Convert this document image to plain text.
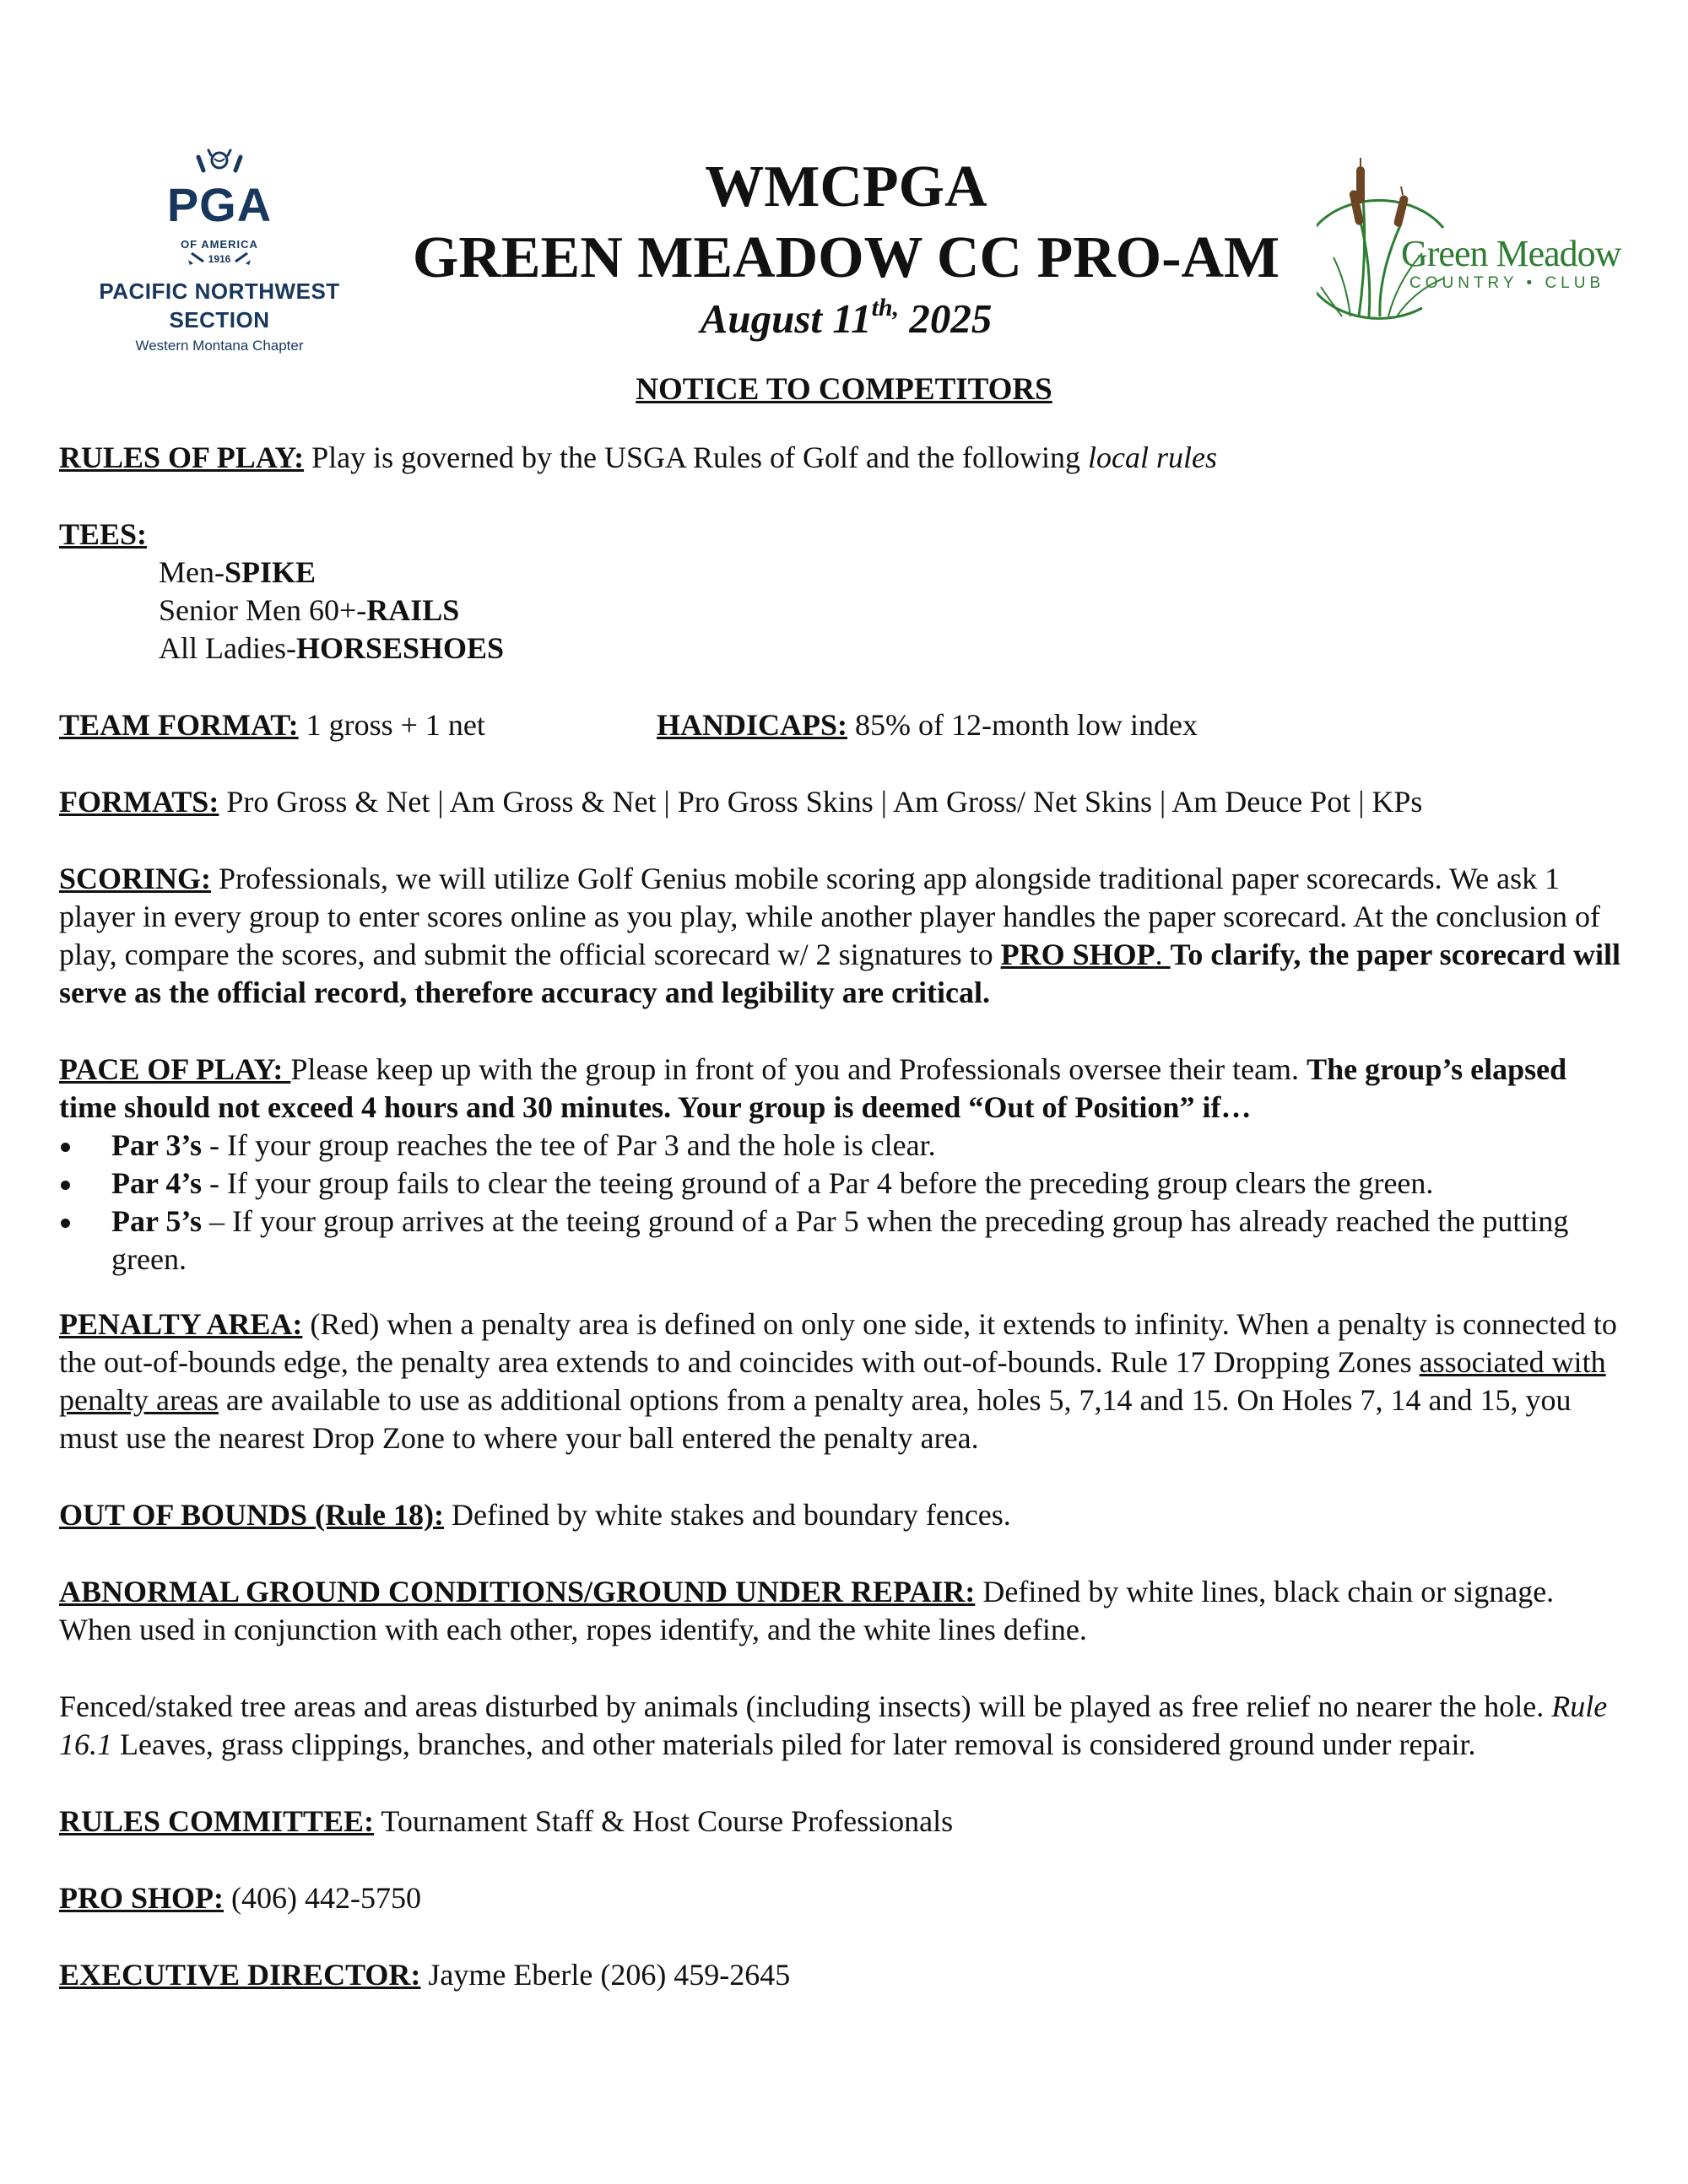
PGA
OF AMERICA
1916
PACIFIC NORTHWEST
SECTION
Western Montana Chapter
WMCPGA
GREEN MEADOW CC PRO-AM
August $11^{th,}$ 2025
Green Meadow
COUNTRY • CLUB
NOTICE TO COMPETITORS
RULES OF PLAY: Play is governed by the USGA Rules of Golf and the following local rules
TEES:
Men-SPIKE
Senior Men 60+-RAILS
All Ladies-HORSESHOES
TEAM FORMAT: 1 gross + 1 net	HANDICAPS: 85% of 12-month low index
FORMATS: Pro Gross & Net | Am Gross & Net | Pro Gross Skins | Am Gross/ Net Skins | Am Deuce Pot | KPs
SCORING: Professionals, we will utilize Golf Genius mobile scoring app alongside traditional paper scorecards. We ask 1 player in every group to enter scores online as you play, while another player handles the paper scorecard. At the conclusion of play, compare the scores, and submit the official scorecard w/ 2 signatures to PRO SHOP. To clarify, the paper scorecard will serve as the official record, therefore accuracy and legibility are critical.
PACE OF PLAY: Please keep up with the group in front of you and Professionals oversee their team. The group’s elapsed time should not exceed 4 hours and 30 minutes. Your group is deemed “Out of Position” if…
Par 3’s - If your group reaches the tee of Par 3 and the hole is clear.
Par 4’s - If your group fails to clear the teeing ground of a Par 4 before the preceding group clears the green.
Par 5’s – If your group arrives at the teeing ground of a Par 5 when the preceding group has already reached the putting green.
PENALTY AREA: (Red) when a penalty area is defined on only one side, it extends to infinity. When a penalty is connected to the out-of-bounds edge, the penalty area extends to and coincides with out-of-bounds. Rule 17 Dropping Zones associated with penalty areas are available to use as additional options from a penalty area, holes 5, 7,14 and 15. On Holes 7, 14 and 15, you must use the nearest Drop Zone to where your ball entered the penalty area.
OUT OF BOUNDS (Rule 18): Defined by white stakes and boundary fences.
ABNORMAL GROUND CONDITIONS/GROUND UNDER REPAIR: Defined by white lines, black chain or signage. When used in conjunction with each other, ropes identify, and the white lines define.
Fenced/staked tree areas and areas disturbed by animals (including insects) will be played as free relief no nearer the hole. Rule 16.1 Leaves, grass clippings, branches, and other materials piled for later removal is considered ground under repair.
RULES COMMITTEE: Tournament Staff & Host Course Professionals
PRO SHOP: (406) 442-5750
EXECUTIVE DIRECTOR: Jayme Eberle (206) 459-2645
